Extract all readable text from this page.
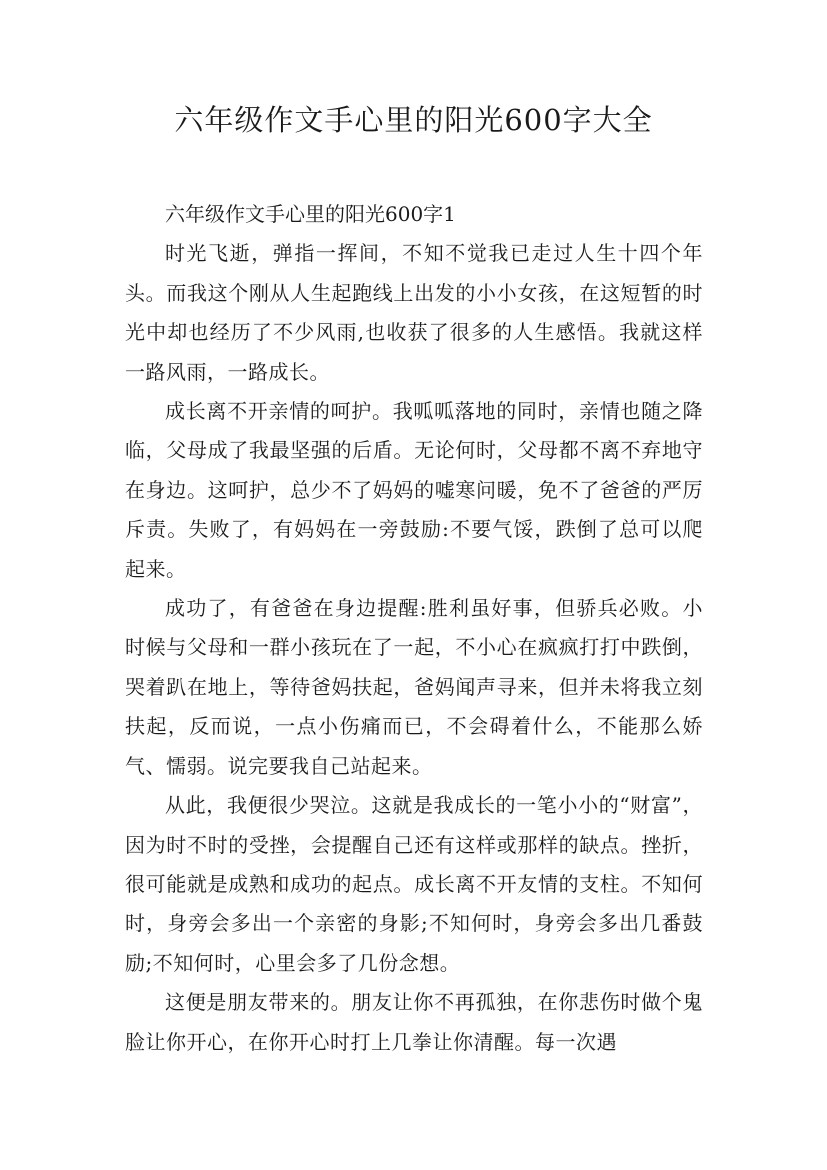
六年级作文手心里的阳光600字大全
六年级作文手心里的阳光600字1

时光飞逝，弹指一挥间，不知不觉我已走过人生十四个年头。而我这个刚从人生起跑线上出发的小小女孩，在这短暂的时光中却也经历了不少风雨,也收获了很多的人生感悟。我就这样一路风雨，一路成长。

成长离不开亲情的呵护。我呱呱落地的同时，亲情也随之降临，父母成了我最坚强的后盾。无论何时，父母都不离不弃地守在身边。这呵护，总少不了妈妈的嘘寒问暖，免不了爸爸的严厉斥责。失败了，有妈妈在一旁鼓励:不要气馁，跌倒了总可以爬起来。

成功了，有爸爸在身边提醒:胜利虽好事，但骄兵必败。小时候与父母和一群小孩玩在了一起，不小心在疯疯打打中跌倒，哭着趴在地上，等待爸妈扶起，爸妈闻声寻来，但并未将我立刻扶起，反而说，一点小伤痛而已，不会碍着什么，不能那么娇气、懦弱。说完要我自己站起来。

从此，我便很少哭泣。这就是我成长的一笔小小的“财富”，因为时不时的受挫，会提醒自己还有这样或那样的缺点。挫折，很可能就是成熟和成功的起点。成长离不开友情的支柱。不知何时，身旁会多出一个亲密的身影;不知何时，身旁会多出几番鼓励;不知何时，心里会多了几份念想。

这便是朋友带来的。朋友让你不再孤独，在你悲伤时做个鬼脸让你开心，在你开心时打上几拳让你清醒。每一次遇
